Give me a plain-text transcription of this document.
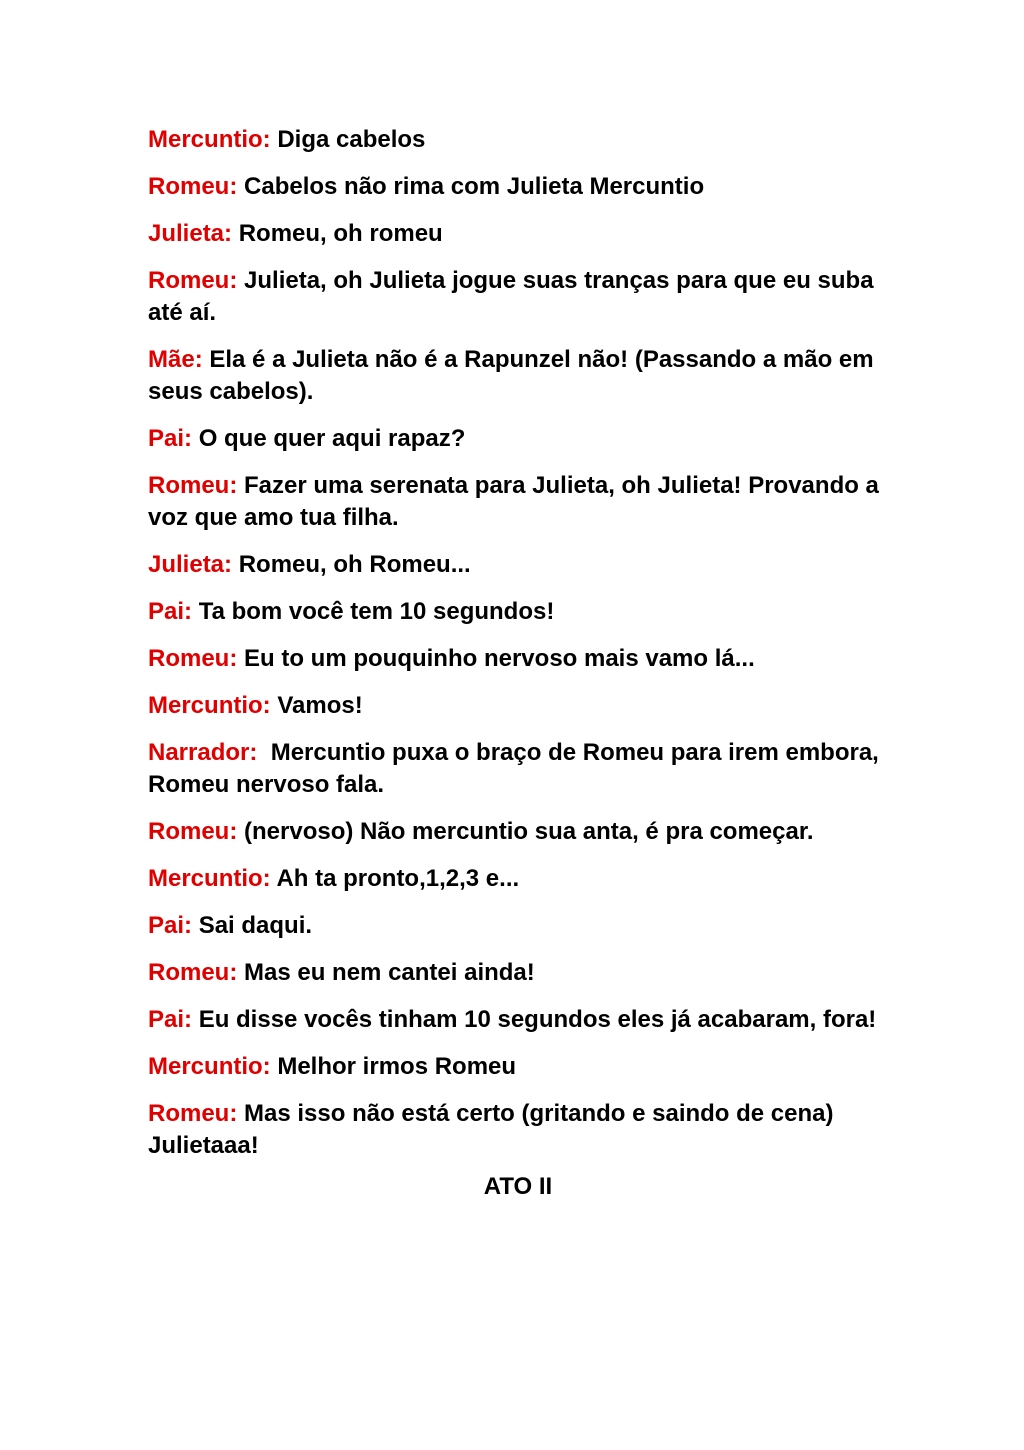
Mercuntio: Diga cabelos

Romeu: Cabelos não rima com Julieta Mercuntio

Julieta: Romeu, oh romeu

Romeu: Julieta, oh Julieta jogue suas tranças para que eu suba até aí.

Mãe: Ela é a Julieta não é a Rapunzel não! (Passando a mão em seus cabelos).

Pai: O que quer aqui rapaz?

Romeu: Fazer uma serenata para Julieta, oh Julieta! Provando a voz que amo tua filha.

Julieta: Romeu, oh Romeu...

Pai: Ta bom você tem 10 segundos!

Romeu: Eu to um pouquinho nervoso mais vamo lá...

Mercuntio: Vamos!

Narrador:  Mercuntio puxa o braço de Romeu para irem embora, Romeu nervoso fala.

Romeu: (nervoso) Não mercuntio sua anta, é pra começar.

Mercuntio: Ah ta pronto,1,2,3 e...

Pai: Sai daqui.

Romeu: Mas eu nem cantei ainda!

Pai: Eu disse vocês tinham 10 segundos eles já acabaram, fora!

Mercuntio: Melhor irmos Romeu

Romeu: Mas isso não está certo (gritando e saindo de cena) Julietaaa!

ATO II
